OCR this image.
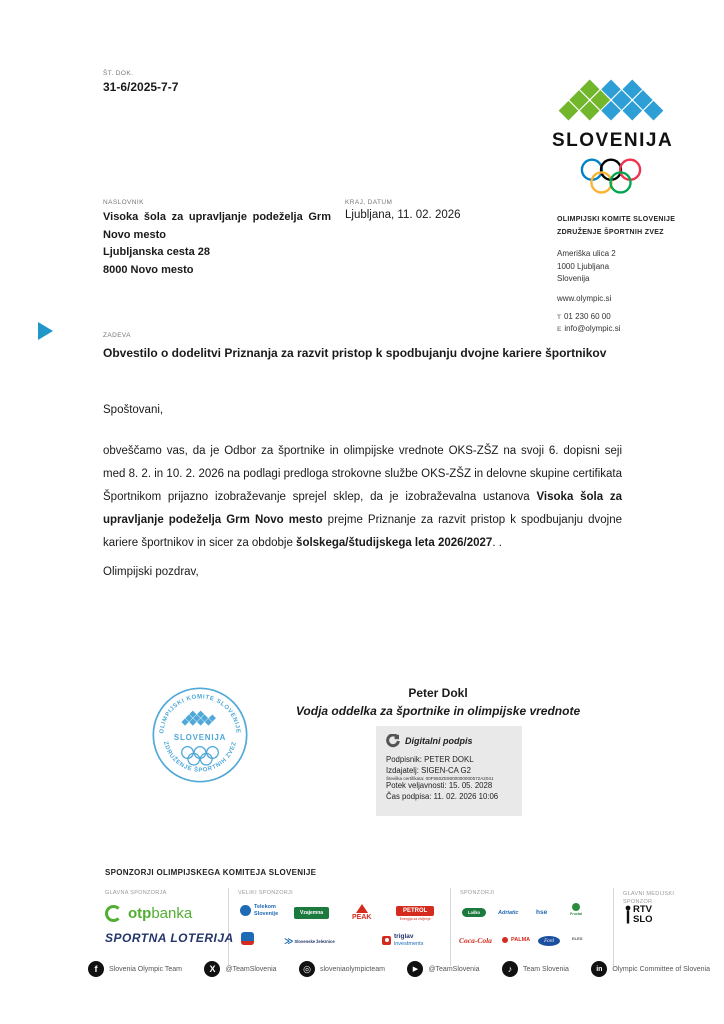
ŠT. DOK.
31-6/2025-7-7
SLOVENIJA
NASLOVNIK
Visoka šola za upravljanje podeželja Grm
Novo mesto
Ljubljanska cesta 28
8000 Novo mesto
KRAJ, DATUM
Ljubljana, 11. 02. 2026	OLIMPIJSKI KOMITE SLOVENIJE
ZDRUŽENJE ŠPORTNIH ZVEZ
Ameriška ulica 2
1000 Ljubljana
Slovenija
www.olympic.si
T 01 230 60 00
E info@olympic.si
ZADEVA
Obvestilo o dodelitvi Priznanja za razvit pristop k spodbujanju dvojne kariere športnikov
Spoštovani,

obveščamo vas, da je Odbor za športnike in olimpijske vrednote OKS-ZŠZ na svoji 6. dopisni seji med 8. 2. in 10. 2. 2026 na podlagi predloga strokovne službe OKS-ZŠZ in delovne skupine certifikata Športnikom prijazno izobraževanje sprejel sklep, da je izobraževalna ustanova Visoka šola za upravljanje podeželja Grm Novo mesto prejme Priznanje za razvit pristop k spodbujanju dvojne kariere športnikov in sicer za obdobje šolskega/študijskega leta 2026/2027. .

Olimpijski pozdrav,
OLIMPIJSKI KOMITE SLOVENIJE
ZDRUŽENJE ŠPORTNIH ZVEZ
SLOVENIJA
Peter Dokl
Vodja oddelka za športnike in olimpijske vrednote
Digitalni podpis
Podpisnik: PETER DOKL
Izdajatelj: SIGEN-CA G2
Številka certifikata: 00F550ZE9000000000572A2041
Potek veljavnosti: 15. 05. 2028
Čas podpisa: 11. 02. 2026 10:06
SPONZORJI OLIMPIJSKEGA KOMITEJA SLOVENIJE
GLAVNA SPONZORJA	VELIKI SPONZORJI	SPONZORJI	GLAVNI MEDIJSKI SPONZOR
otpbanka
SPORTNA LOTERIJA
Telekom
Slovenije	Vzajemna
PEAK
PETROL
Energija za življenje
≫ Slovenske železnice
triglav
investments
Laško	Adriatic	hse	Fructal
Coca-Cola	PALMA	Ford	ELES
RTV
SLO
f	Slovenia Olympic Team	X	@TeamSlovenia	◎	sloveniaolympicteam	▶	@TeamSlovenia	♪	Team Slovenia	in	Olympic Committee of Slovenia
